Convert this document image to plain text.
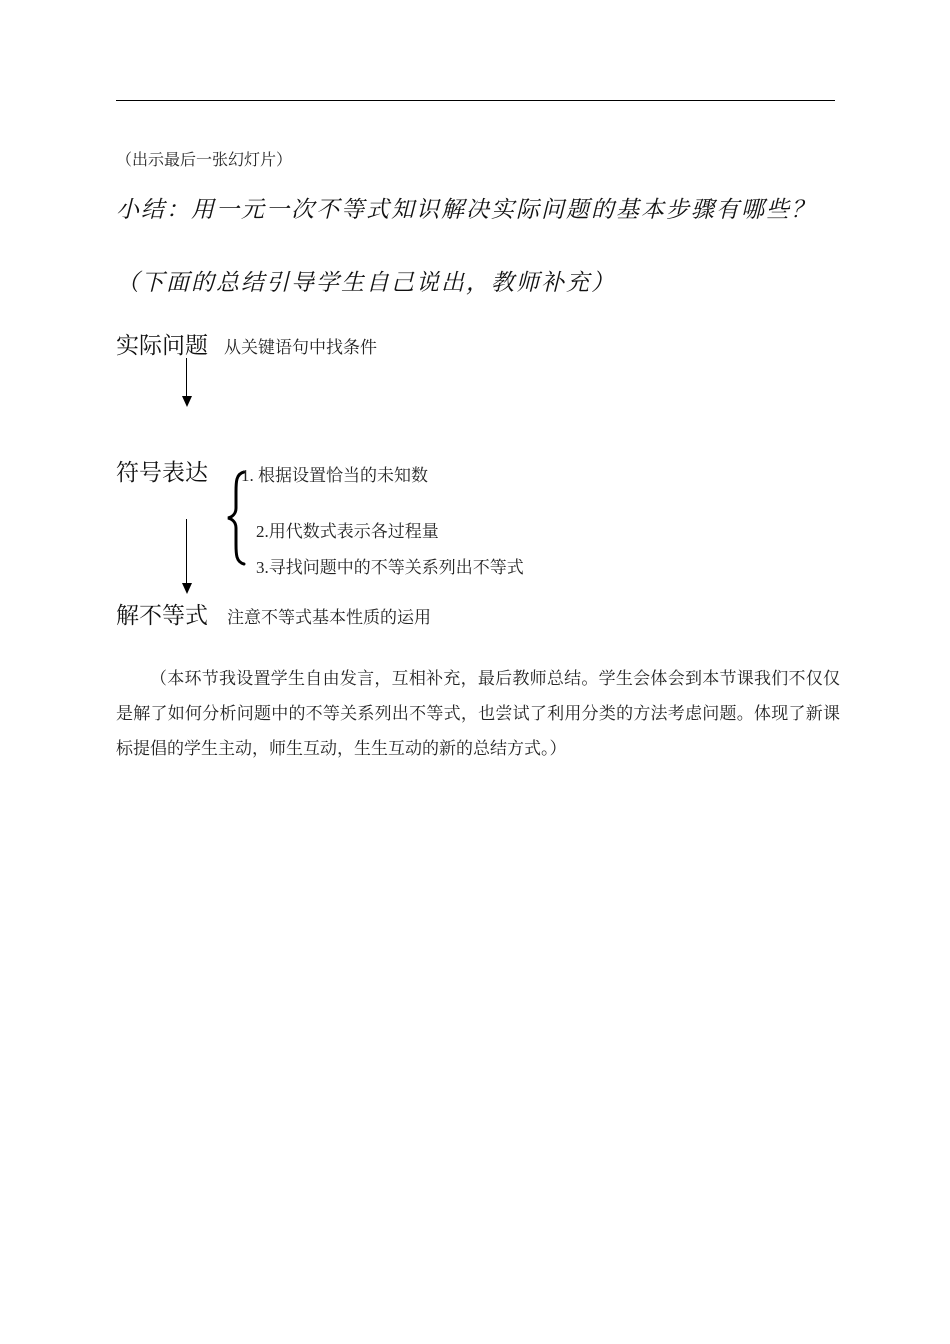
（出示最后一张幻灯片）
小结：用一元一次不等式知识解决实际问题的基本步骤有哪些？
（下面的总结引导学生自己说出，教师补充）
实际问题 从关键语句中找条件
符号表达 1. 根据设置恰当的未知数
2.用代数式表示各过程量
3.寻找问题中的不等关系列出不等式
解不等式 注意不等式基本性质的运用
（本环节我设置学生自由发言，互相补充，最后教师总结。学生会体会到本节课我们不仅仅是解了如何分析问题中的不等关系列出不等式，也尝试了利用分类的方法考虑问题。体现了新课标提倡的学生主动，师生互动，生生互动的新的总结方式。）
